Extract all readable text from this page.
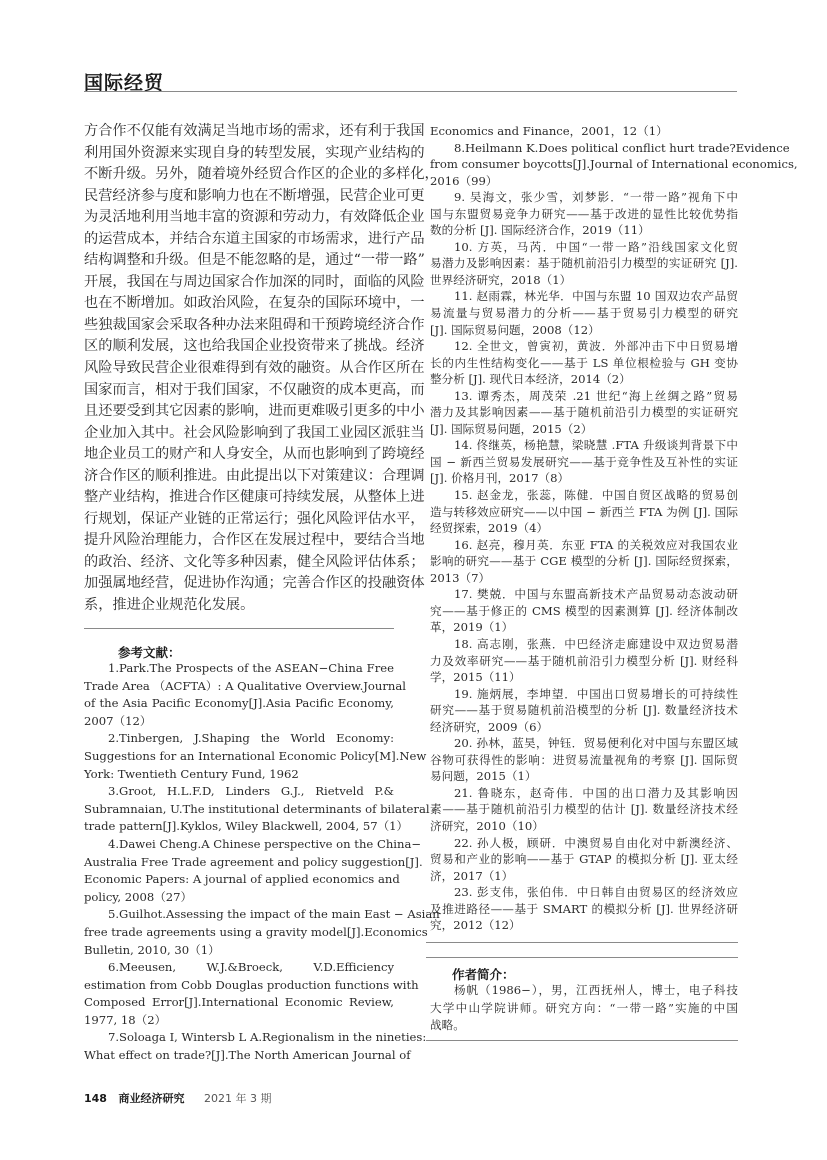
国际经贸
方合作不仅能有效满足当地市场的需求，还有利于我国
利用国外资源来实现自身的转型发展，实现产业结构的
不断升级。另外，随着境外经贸合作区的企业的多样化，
民营经济参与度和影响力也在不断增强，民营企业可更
为灵活地利用当地丰富的资源和劳动力，有效降低企业
的运营成本，并结合东道主国家的市场需求，进行产品
结构调整和升级。但是不能忽略的是，通过“一带一路”
开展，我国在与周边国家合作加深的同时，面临的风险
也在不断增加。如政治风险，在复杂的国际环境中，一
些独裁国家会采取各种办法来阻碍和干预跨境经济合作
区的顺利发展，这也给我国企业投资带来了挑战。经济
风险导致民营企业很难得到有效的融资。从合作区所在
国家而言，相对于我们国家，不仅融资的成本更高，而
且还要受到其它因素的影响，进而更难吸引更多的中小
企业加入其中。社会风险影响到了我国工业园区派驻当
地企业员工的财产和人身安全，从而也影响到了跨境经
济合作区的顺利推进。由此提出以下对策建议：合理调
整产业结构，推进合作区健康可持续发展，从整体上进
行规划，保证产业链的正常运行；强化风险评估水平，
提升风险治理能力，合作区在发展过程中，要结合当地
的政治、经济、文化等多种因素，健全风险评估体系；
加强属地经营，促进协作沟通；完善合作区的投融资体
系，推进企业规范化发展。
参考文献：
1.Park.The Prospects of the ASEAN−China Free
Trade Area （ACFTA）: A Qualitative Overview.Journal
of the Asia Pacific Economy[J].Asia Pacific Economy,
2007（12）
2.Tinbergen, J.Shaping the World Economy:
Suggestions for an International Economic Policy[M].New
York: Twentieth Century Fund, 1962
3.Groot, H.L.F.D, Linders G.J., Rietveld P.&
Subramnaian, U.The institutional determinants of bilateral
trade pattern[J].Kyklos, Wiley Blackwell, 2004, 57（1）
4.Dawei Cheng.A Chinese perspective on the China−
Australia Free Trade agreement and policy suggestion[J].
Economic Papers: A journal of applied economics and
policy, 2008（27）
5.Guilhot.Assessing the impact of the main East − Asian
free trade agreements using a gravity model[J].Economics
Bulletin, 2010, 30（1）
6.Meeusen, W.J.&Broeck, V.D.Efficiency
estimation from Cobb Douglas production functions with
Composed Error[J].International Economic Review,
1977, 18（2）
7.Soloaga I, Wintersb L A.Regionalism in the nineties:
What effect on trade?[J].The North American Journal of
Economics and Finance，2001，12（1）
8.Heilmann K.Does political conflict hurt trade?Evidence
from consumer boycotts[J].Journal of International economics,
2016（99）
9. 吴海文，张少雪，刘梦影．“一带一路”视角下中
国与东盟贸易竞争力研究——基于改进的显性比较优势指
数的分析 [J]. 国际经济合作，2019（11）
10. 方英，马芮．中国“一带一路”沿线国家文化贸
易潜力及影响因素：基于随机前沿引力模型的实证研究 [J].
世界经济研究，2018（1）
11. 赵雨霖，林光华．中国与东盟 10 国双边农产品贸
易流量与贸易潜力的分析——基于贸易引力模型的研究
[J]. 国际贸易问题，2008（12）
12. 全世文，曾寅初，黄波．外部冲击下中日贸易增
长的内生性结构变化——基于 LS 单位根检验与 GH 变协
整分析 [J]. 现代日本经济，2014（2）
13. 谭秀杰，周茂荣 .21 世纪“海上丝绸之路”贸易
潜力及其影响因素——基于随机前沿引力模型的实证研究
[J]. 国际贸易问题，2015（2）
14. 佟继英，杨艳慧，梁晓慧 .FTA 升级谈判背景下中
国 − 新西兰贸易发展研究——基于竞争性及互补性的实证
[J]. 价格月刊，2017（8）
15. 赵金龙，张蕊，陈健．中国自贸区战略的贸易创
造与转移效应研究——以中国 − 新西兰 FTA 为例 [J]. 国际
经贸探索，2019（4）
16. 赵亮，穆月英．东亚 FTA 的关税效应对我国农业
影响的研究——基于 CGE 模型的分析 [J]. 国际经贸探索，
2013（7）
17. 樊兢．中国与东盟高新技术产品贸易动态波动研
究——基于修正的 CMS 模型的因素测算 [J]. 经济体制改
革，2019（1）
18. 高志刚，张燕．中巴经济走廊建设中双边贸易潜
力及效率研究——基于随机前沿引力模型分析 [J]. 财经科
学，2015（11）
19. 施炳展，李坤望．中国出口贸易增长的可持续性
研究——基于贸易随机前沿模型的分析 [J]. 数量经济技术
经济研究，2009（6）
20. 孙林，蓝昊，钟钰．贸易便利化对中国与东盟区域
谷物可获得性的影响：进贸易流量视角的考察 [J]. 国际贸
易问题，2015（1）
21. 鲁晓东，赵奇伟．中国的出口潜力及其影响因
素——基于随机前沿引力模型的估计 [J]. 数量经济技术经
济研究，2010（10）
22. 孙人极，顾研．中澳贸易自由化对中新澳经济、
贸易和产业的影响——基于 GTAP 的模拟分析 [J]. 亚太经
济，2017（1）
23. 彭支伟，张伯伟．中日韩自由贸易区的经济效应
及推进路径——基于 SMART 的模拟分析 [J]. 世界经济研
究，2012（12）
作者简介：
杨帆（1986−），男，江西抚州人，博士，电子科技
大学中山学院讲师。研究方向：“一带一路”实施的中国
战略。
148 商业经济研究 2021 年 3 期
